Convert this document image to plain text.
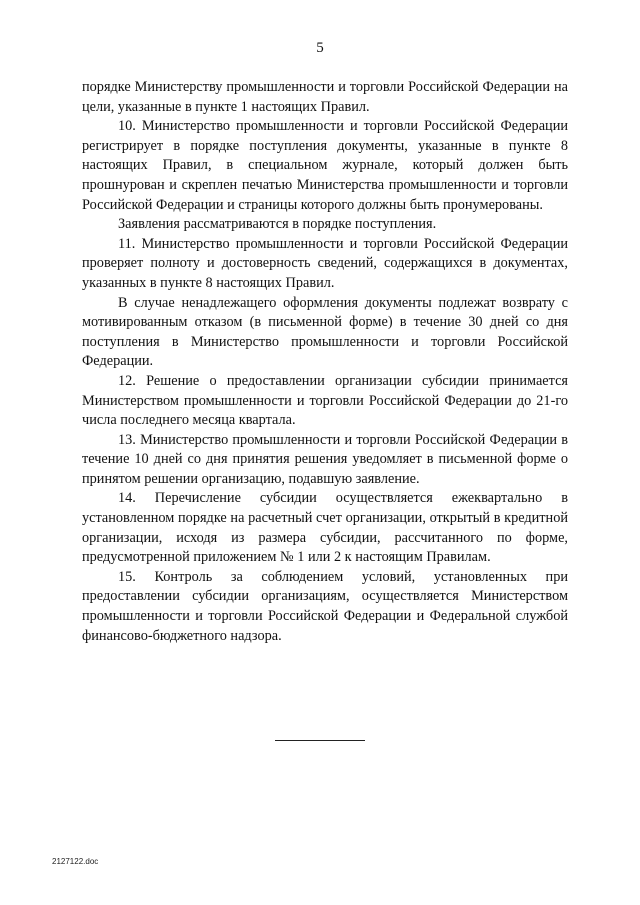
5

порядке Министерству промышленности и торговли Российской Федерации на цели, указанные в пункте 1 настоящих Правил.

10. Министерство промышленности и торговли Российской Федерации регистрирует в порядке поступления документы, указанные в пункте 8 настоящих Правил, в специальном журнале, который должен быть прошнурован и скреплен печатью Министерства промышленности и торговли Российской Федерации и страницы которого должны быть пронумерованы.

Заявления рассматриваются в порядке поступления.

11. Министерство промышленности и торговли Российской Федерации проверяет полноту и достоверность сведений, содержащихся в документах, указанных в пункте 8 настоящих Правил.

В случае ненадлежащего оформления документы подлежат возврату с мотивированным отказом (в письменной форме) в течение 30 дней со дня поступления в Министерство промышленности и торговли Российской Федерации.

12. Решение о предоставлении организации субсидии принимается Министерством промышленности и торговли Российской Федерации до 21-го числа последнего месяца квартала.

13. Министерство промышленности и торговли Российской Федерации в течение 10 дней со дня принятия решения уведомляет в письменной форме о принятом решении организацию, подавшую заявление.

14. Перечисление субсидии осуществляется ежеквартально в установленном порядке на расчетный счет организации, открытый в кредитной организации, исходя из размера субсидии, рассчитанного по форме, предусмотренной приложением № 1 или 2 к настоящим Правилам.

15. Контроль за соблюдением условий, установленных при предоставлении субсидии организациям, осуществляется Министерством промышленности и торговли Российской Федерации и Федеральной службой финансово-бюджетного надзора.

2127122.doc
